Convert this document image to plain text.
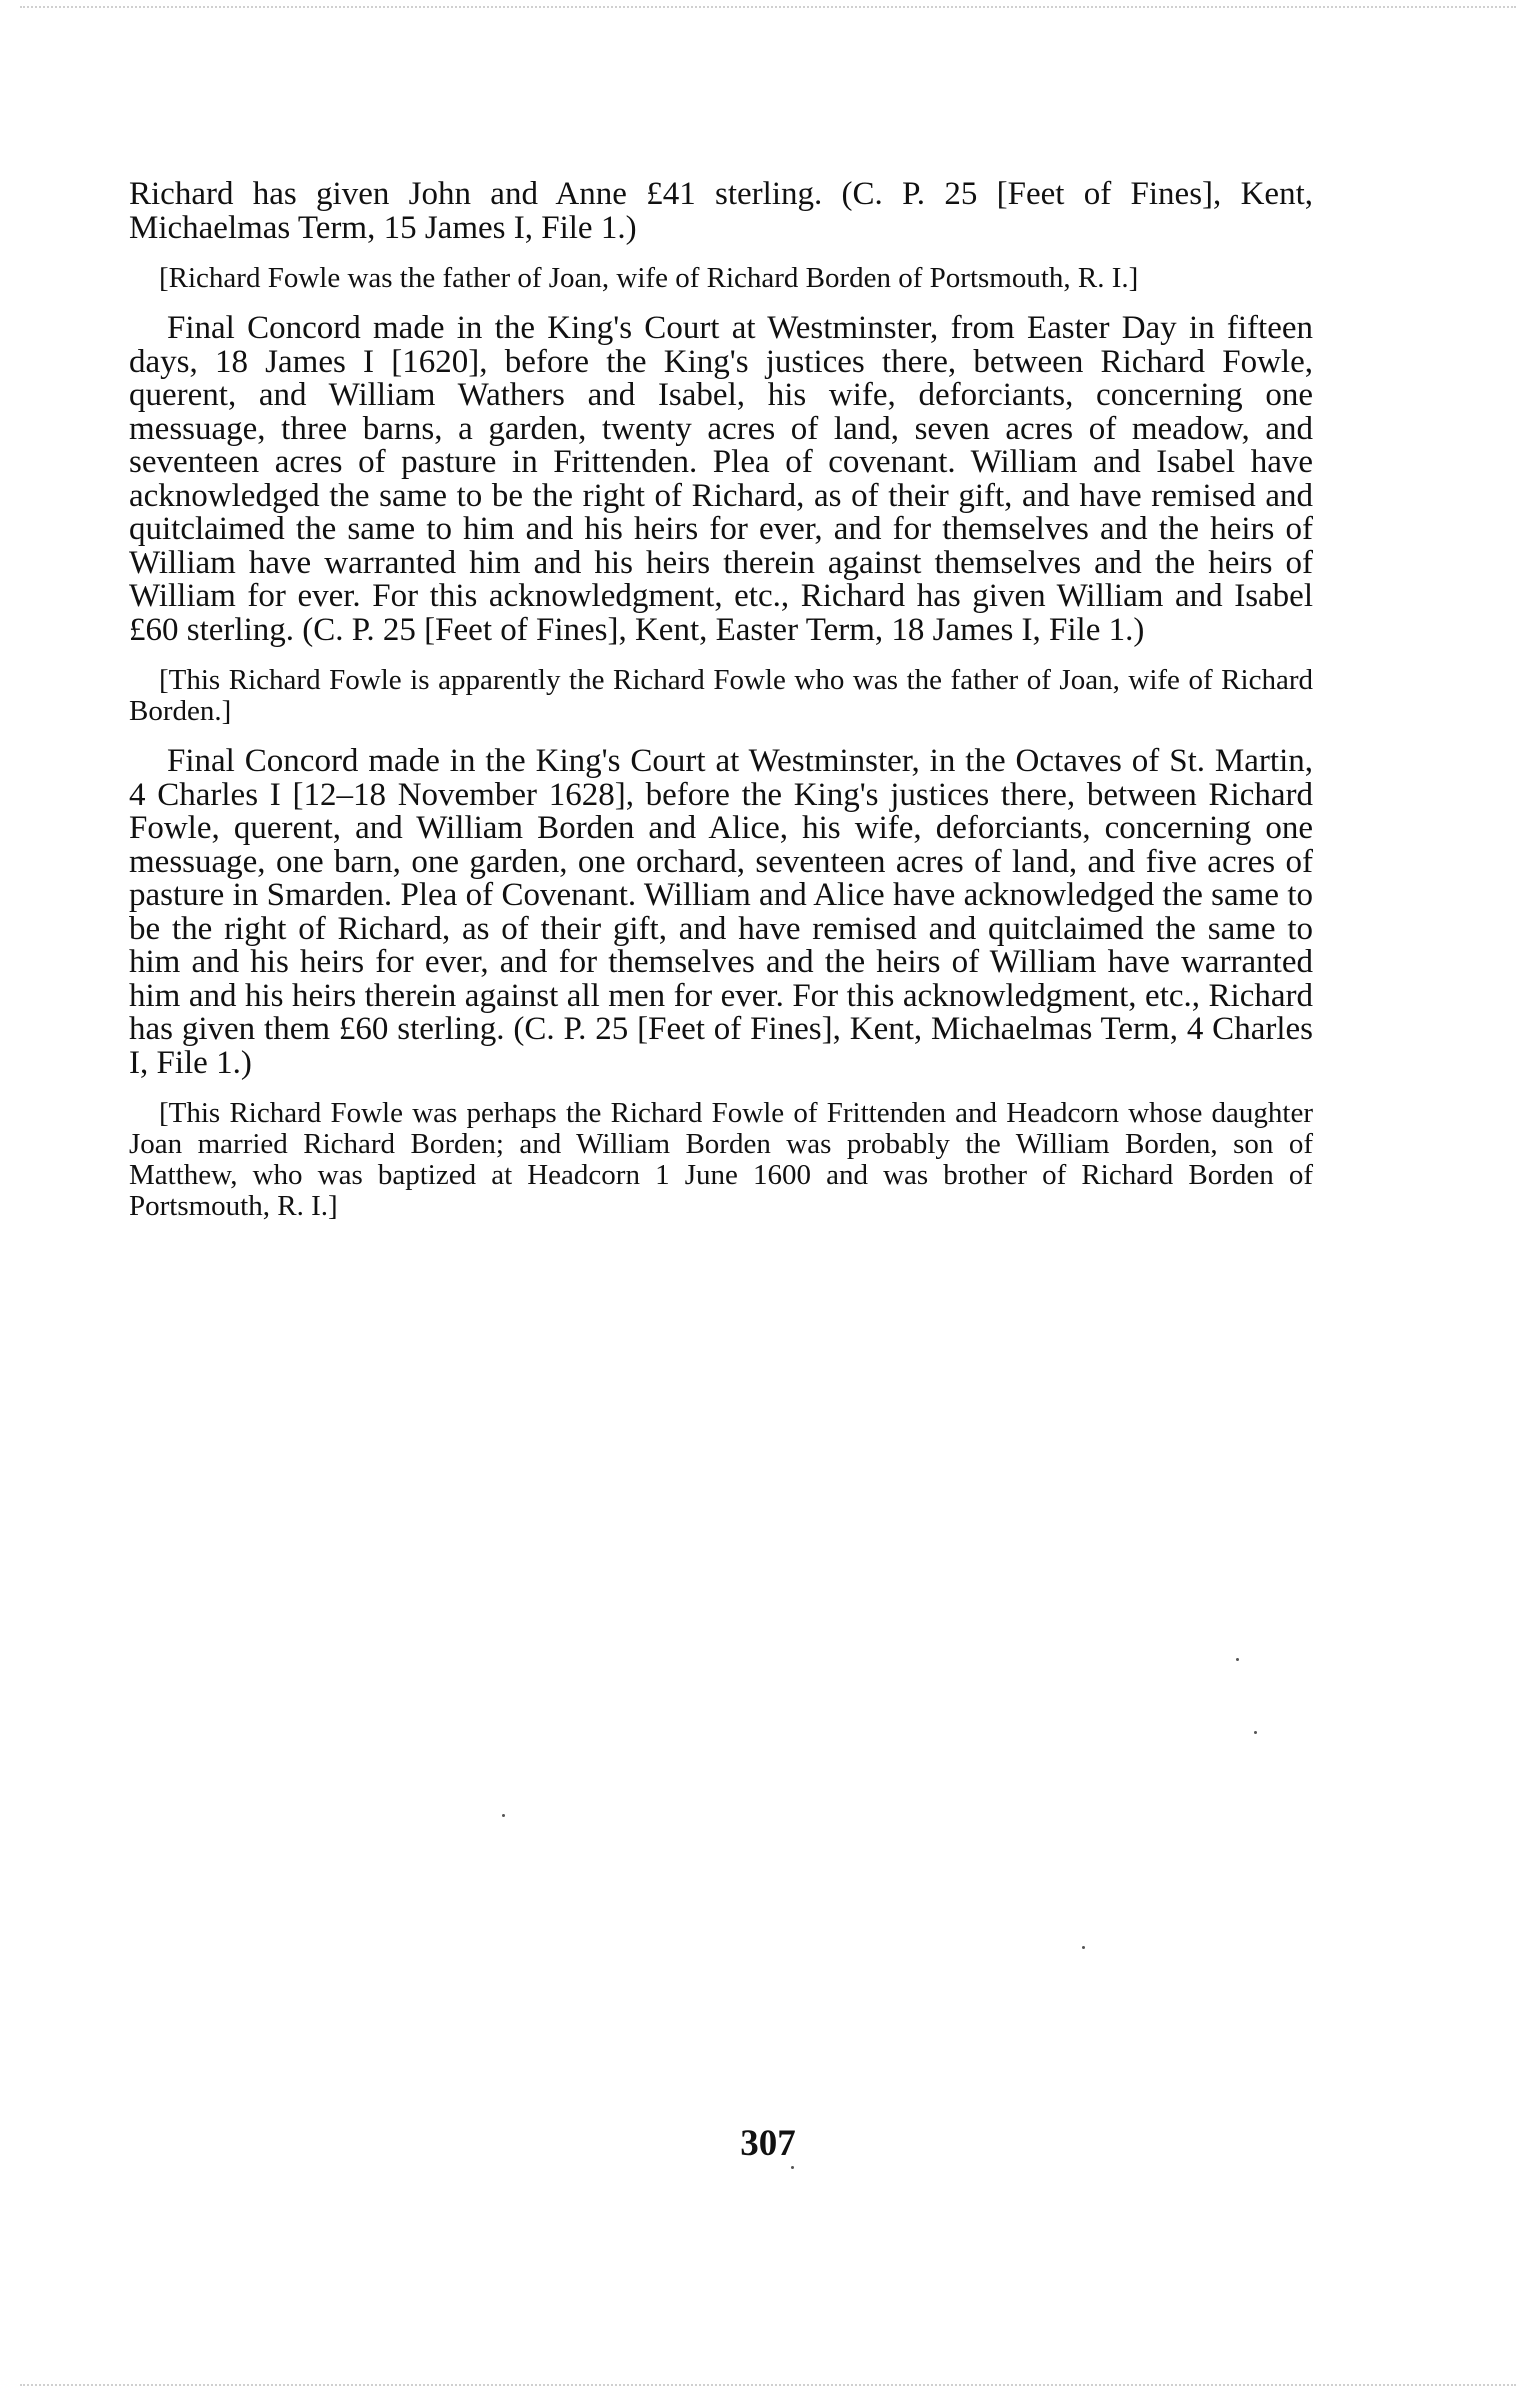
Richard has given John and Anne £41 sterling. (C. P. 25 [Feet of Fines], Kent, Michaelmas Term, 15 James I, File 1.)

[Richard Fowle was the father of Joan, wife of Richard Borden of Portsmouth, R. I.]

Final Concord made in the King's Court at Westminster, from Easter Day in fifteen days, 18 James I [1620], before the King's justices there, between Richard Fowle, querent, and William Wathers and Isabel, his wife, deforciants, concerning one messuage, three barns, a garden, twenty acres of land, seven acres of meadow, and seventeen acres of pasture in Frittenden. Plea of covenant. William and Isabel have acknowledged the same to be the right of Richard, as of their gift, and have remised and quitclaimed the same to him and his heirs for ever, and for themselves and the heirs of William have warranted him and his heirs therein against themselves and the heirs of William for ever. For this acknowledgment, etc., Richard has given William and Isabel £60 sterling. (C. P. 25 [Feet of Fines], Kent, Easter Term, 18 James I, File 1.)

[This Richard Fowle is apparently the Richard Fowle who was the father of Joan, wife of Richard Borden.]

Final Concord made in the King's Court at Westminster, in the Octaves of St. Martin, 4 Charles I [12–18 November 1628], before the King's justices there, between Richard Fowle, querent, and William Borden and Alice, his wife, deforciants, concerning one messuage, one barn, one garden, one orchard, seventeen acres of land, and five acres of pasture in Smarden. Plea of Covenant. William and Alice have acknowledged the same to be the right of Richard, as of their gift, and have remised and quitclaimed the same to him and his heirs for ever, and for themselves and the heirs of William have warranted him and his heirs therein against all men for ever. For this acknowledgment, etc., Richard has given them £60 sterling. (C. P. 25 [Feet of Fines], Kent, Michaelmas Term, 4 Charles I, File 1.)

[This Richard Fowle was perhaps the Richard Fowle of Frittenden and Headcorn whose daughter Joan married Richard Borden; and William Borden was probably the William Borden, son of Matthew, who was baptized at Headcorn 1 June 1600 and was brother of Richard Borden of Portsmouth, R. I.]

307
